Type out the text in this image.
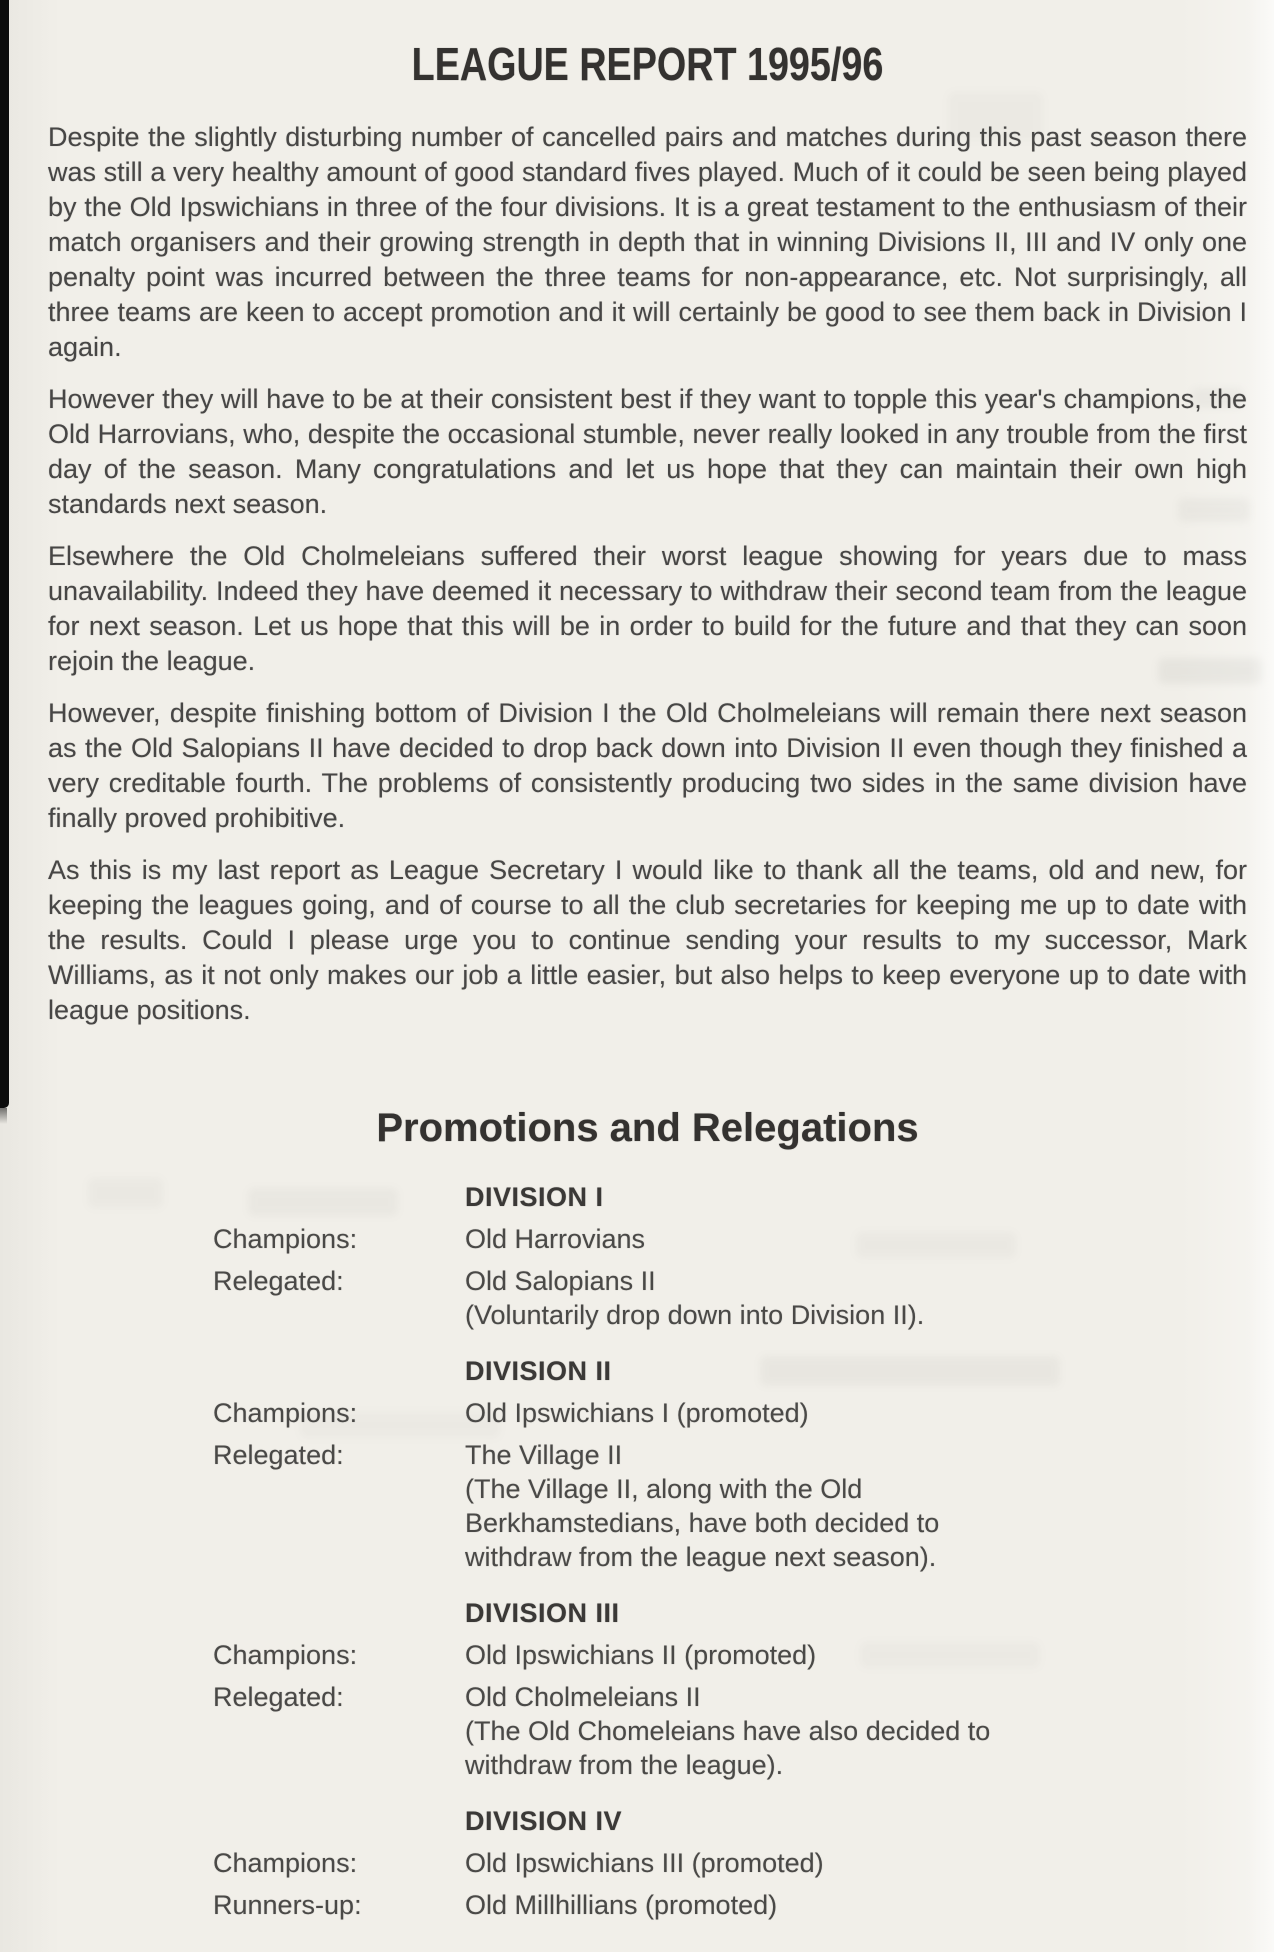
LEAGUE REPORT 1995/96

Despite the slightly disturbing number of cancelled pairs and matches during this past season there was still a very healthy amount of good standard fives played. Much of it could be seen being played by the Old Ipswichians in three of the four divisions. It is a great testament to the enthusiasm of their match organisers and their growing strength in depth that in winning Divisions II, III and IV only one penalty point was incurred between the three teams for non-appearance, etc. Not surprisingly, all three teams are keen to accept promotion and it will certainly be good to see them back in Division I again.

However they will have to be at their consistent best if they want to topple this year's champions, the Old Harrovians, who, despite the occasional stumble, never really looked in any trouble from the first day of the season. Many congratulations and let us hope that they can maintain their own high standards next season.

Elsewhere the Old Cholmeleians suffered their worst league showing for years due to mass unavailability. Indeed they have deemed it necessary to withdraw their second team from the league for next season. Let us hope that this will be in order to build for the future and that they can soon rejoin the league.

However, despite finishing bottom of Division I the Old Cholmeleians will remain there next season as the Old Salopians II have decided to drop back down into Division II even though they finished a very creditable fourth. The problems of consistently producing two sides in the same division have finally proved prohibitive.

As this is my last report as League Secretary I would like to thank all the teams, old and new, for keeping the leagues going, and of course to all the club secretaries for keeping me up to date with the results. Could I please urge you to continue sending your results to my successor, Mark Williams, as it not only makes our job a little easier, but also helps to keep everyone up to date with league positions.

Promotions and Relegations
DIVISION I
Champions:	Old Harrovians
Relegated:	Old Salopians II
(Voluntarily drop down into Division II).
DIVISION II
Champions:	Old Ipswichians I (promoted)
Relegated:	The Village II
(The Village II, along with the Old
Berkhamstedians, have both decided to
withdraw from the league next season).
DIVISION III
Champions:	Old Ipswichians II (promoted)
Relegated:	Old Cholmeleians II
(The Old Chomeleians have also decided to
withdraw from the league).
DIVISION IV
Champions:	Old Ipswichians III (promoted)
Runners-up:	Old Millhillians (promoted)
